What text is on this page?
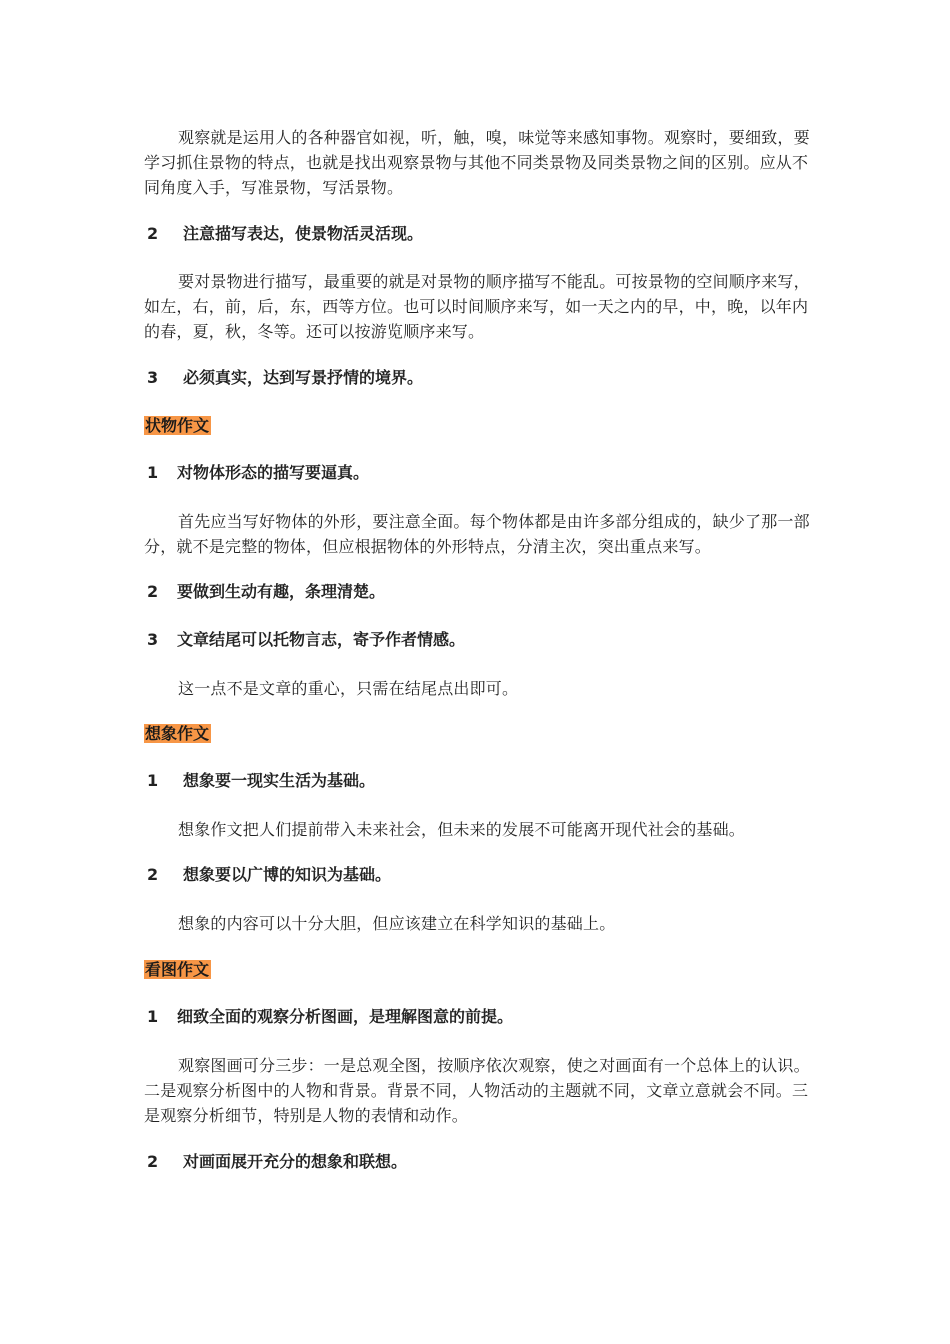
观察就是运用人的各种器官如视，听，触，嗅，味觉等来感知事物。观察时，要细致，要学习抓住景物的特点，也就是找出观察景物与其他不同类景物及同类景物之间的区别。应从不同角度入手，写准景物，写活景物。

2 注意描写表达，使景物活灵活现。

要对景物进行描写，最重要的就是对景物的顺序描写不能乱。可按景物的空间顺序来写，如左，右，前，后，东，西等方位。也可以时间顺序来写，如一天之内的早，中，晚，以年内的春，夏，秋，冬等。还可以按游览顺序来写。

3 必须真实，达到写景抒情的境界。
状物作文
1 对物体形态的描写要逼真。

首先应当写好物体的外形，要注意全面。每个物体都是由许多部分组成的，缺少了那一部分，就不是完整的物体，但应根据物体的外形特点，分清主次，突出重点来写。

2 要做到生动有趣，条理清楚。
3 文章结尾可以托物言志，寄予作者情感。

这一点不是文章的重心，只需在结尾点出即可。

想象作文
1 想象要一现实生活为基础。

想象作文把人们提前带入未来社会，但未来的发展不可能离开现代社会的基础。

2 想象要以广博的知识为基础。

想象的内容可以十分大胆，但应该建立在科学知识的基础上。

看图作文
1 细致全面的观察分析图画，是理解图意的前提。

观察图画可分三步：一是总观全图，按顺序依次观察，使之对画面有一个总体上的认识。二是观察分析图中的人物和背景。背景不同，人物活动的主题就不同，文章立意就会不同。三是观察分析细节，特别是人物的表情和动作。

2 对画面展开充分的想象和联想。
